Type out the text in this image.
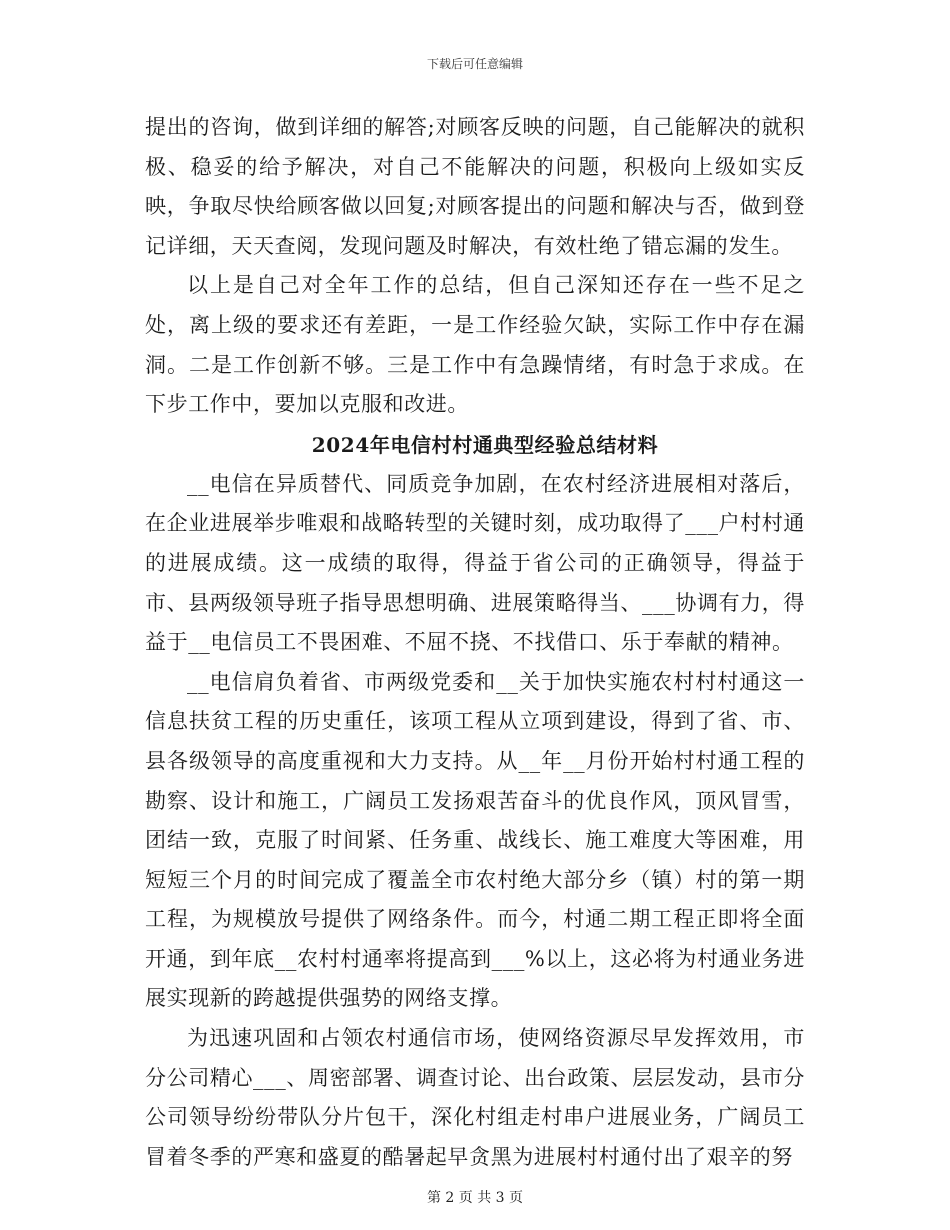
下载后可任意编辑

提出的咨询，做到详细的解答;对顾客反映的问题，自己能解决的就积极、稳妥的给予解决，对自己不能解决的问题，积极向上级如实反映，争取尽快给顾客做以回复;对顾客提出的问题和解决与否，做到登记详细，天天查阅，发现问题及时解决，有效杜绝了错忘漏的发生。

以上是自己对全年工作的总结，但自己深知还存在一些不足之处，离上级的要求还有差距，一是工作经验欠缺，实际工作中存在漏洞。二是工作创新不够。三是工作中有急躁情绪，有时急于求成。在下步工作中，要加以克服和改进。

2024年电信村村通典型经验总结材料

__电信在异质替代、同质竞争加剧，在农村经济进展相对落后，在企业进展举步唯艰和战略转型的关键时刻，成功取得了___户村村通的进展成绩。这一成绩的取得，得益于省公司的正确领导，得益于市、县两级领导班子指导思想明确、进展策略得当、___协调有力，得益于__电信员工不畏困难、不屈不挠、不找借口、乐于奉献的精神。

__电信肩负着省、市两级党委和__关于加快实施农村村村通这一信息扶贫工程的历史重任，该项工程从立项到建设，得到了省、市、县各级领导的高度重视和大力支持。从__年__月份开始村村通工程的勘察、设计和施工，广阔员工发扬艰苦奋斗的优良作风，顶风冒雪，团结一致，克服了时间紧、任务重、战线长、施工难度大等困难，用短短三个月的时间完成了覆盖全市农村绝大部分乡（镇）村的第一期工程，为规模放号提供了网络条件。而今，村通二期工程正即将全面开通，到年底__农村村通率将提高到___%以上，这必将为村通业务进展实现新的跨越提供强势的网络支撑。

为迅速巩固和占领农村通信市场，使网络资源尽早发挥效用，市分公司精心___、周密部署、调查讨论、出台政策、层层发动，县市分公司领导纷纷带队分片包干，深化村组走村串户进展业务，广阔员工冒着冬季的严寒和盛夏的酷暑起早贪黑为进展村村通付出了艰辛的努

第 2 页 共 3 页
